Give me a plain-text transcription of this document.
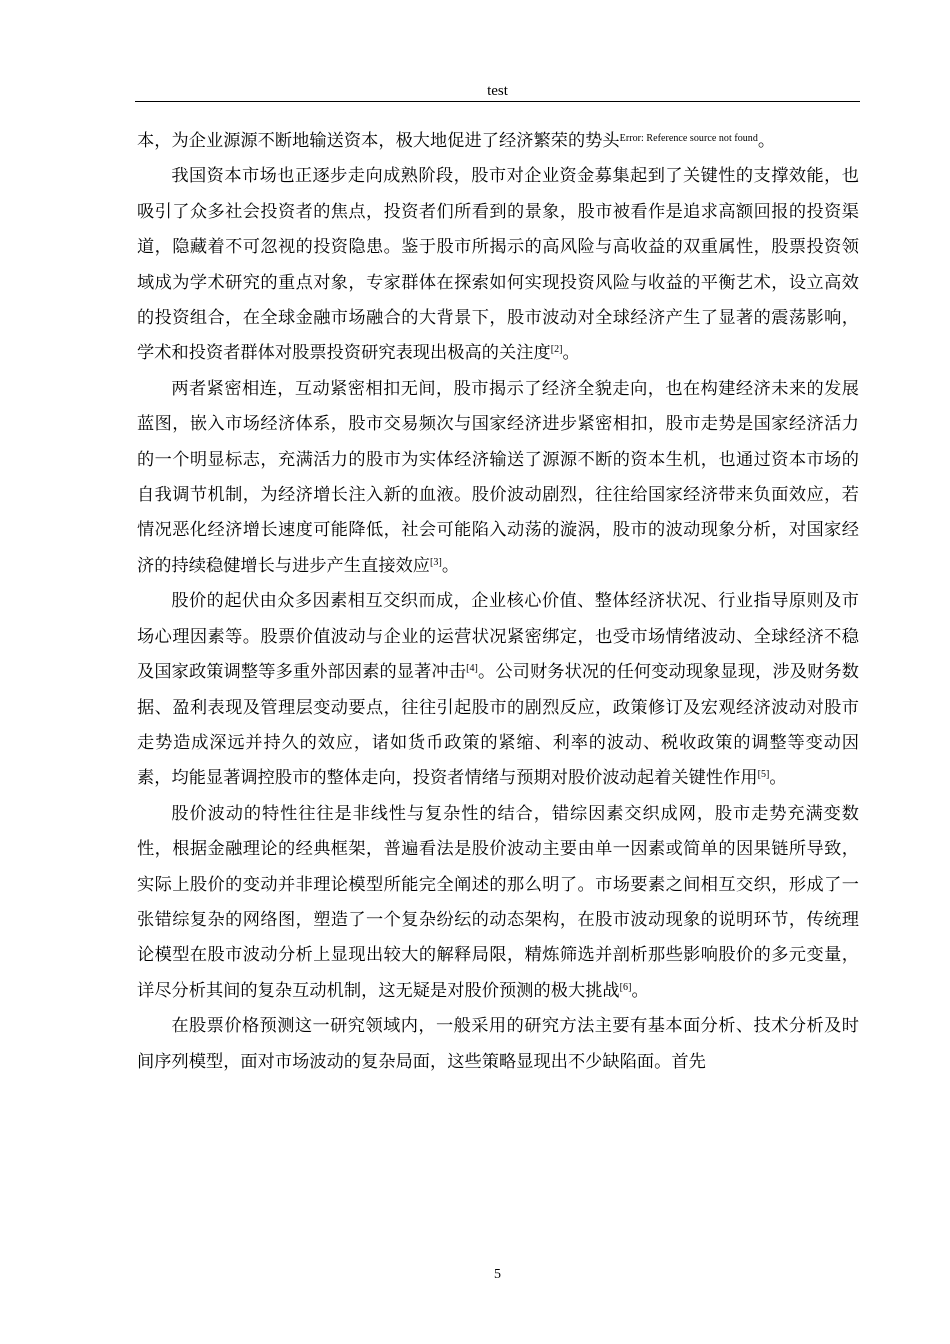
test

本，为企业源源不断地输送资本，极大地促进了经济繁荣的势头$^{Error: Reference source not found}$。

我国资本市场也正逐步走向成熟阶段，股市对企业资金募集起到了关键性的支撑效能，也吸引了众多社会投资者的焦点，投资者们所看到的景象，股市被看作是追求高额回报的投资渠道，隐藏着不可忽视的投资隐患。鉴于股市所揭示的高风险与高收益的双重属性，股票投资领域成为学术研究的重点对象，专家群体在探索如何实现投资风险与收益的平衡艺术，设立高效的投资组合，在全球金融市场融合的大背景下，股市波动对全球经济产生了显著的震荡影响，学术和投资者群体对股票投资研究表现出极高的关注度[2]。

两者紧密相连，互动紧密相扣无间，股市揭示了经济全貌走向，也在构建经济未来的发展蓝图，嵌入市场经济体系，股市交易频次与国家经济进步紧密相扣，股市走势是国家经济活力的一个明显标志，充满活力的股市为实体经济输送了源源不断的资本生机，也通过资本市场的自我调节机制，为经济增长注入新的血液。股价波动剧烈，往往给国家经济带来负面效应，若情况恶化经济增长速度可能降低，社会可能陷入动荡的漩涡，股市的波动现象分析，对国家经济的持续稳健增长与进步产生直接效应[3]。

股价的起伏由众多因素相互交织而成，企业核心价值、整体经济状况、行业指导原则及市场心理因素等。股票价值波动与企业的运营状况紧密绑定，也受市场情绪波动、全球经济不稳及国家政策调整等多重外部因素的显著冲击[4]。公司财务状况的任何变动现象显现，涉及财务数据、盈利表现及管理层变动要点，往往引起股市的剧烈反应，政策修订及宏观经济波动对股市走势造成深远并持久的效应，诸如货币政策的紧缩、利率的波动、税收政策的调整等变动因素，均能显著调控股市的整体走向，投资者情绪与预期对股价波动起着关键性作用[5]。

股价波动的特性往往是非线性与复杂性的结合，错综因素交织成网，股市走势充满变数性，根据金融理论的经典框架，普遍看法是股价波动主要由单一因素或简单的因果链所导致，实际上股价的变动并非理论模型所能完全阐述的那么明了。市场要素之间相互交织，形成了一张错综复杂的网络图，塑造了一个复杂纷纭的动态架构，在股市波动现象的说明环节，传统理论模型在股市波动分析上显现出较大的解释局限，精炼筛选并剖析那些影响股价的多元变量，详尽分析其间的复杂互动机制，这无疑是对股价预测的极大挑战[6]。

在股票价格预测这一研究领域内，一般采用的研究方法主要有基本面分析、技术分析及时间序列模型，面对市场波动的复杂局面，这些策略显现出不少缺陷面。首先

5
